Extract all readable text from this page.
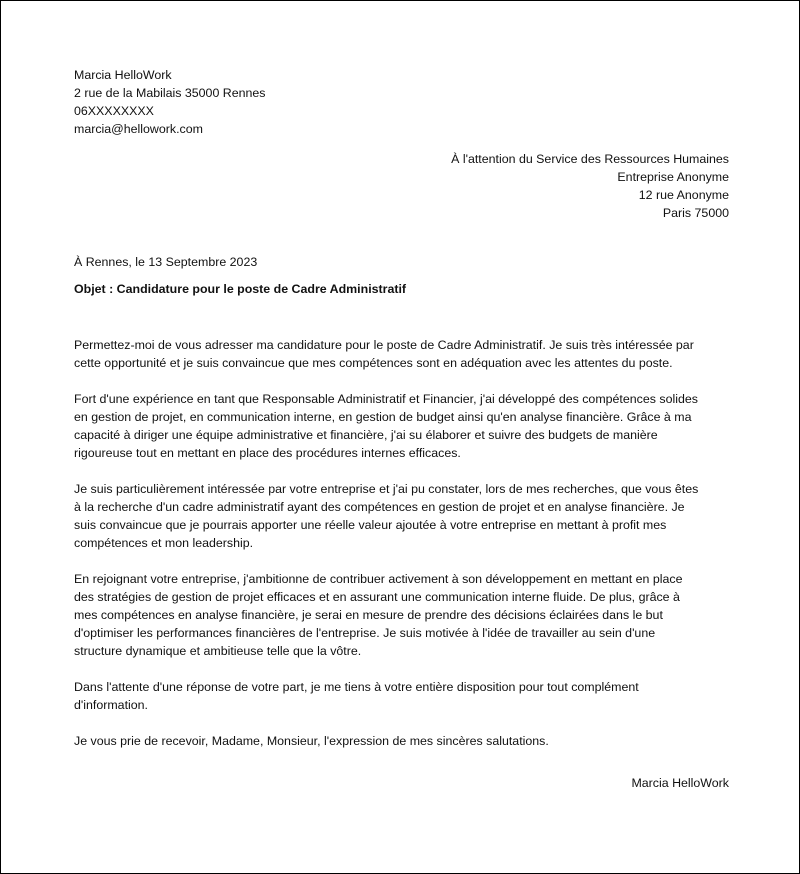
Marcia HelloWork
2 rue de la Mabilais 35000 Rennes
06XXXXXXXX
marcia@hellowork.com
À l'attention du Service des Ressources Humaines
Entreprise Anonyme
12 rue Anonyme
Paris 75000
À Rennes, le 13 Septembre 2023
Objet : Candidature pour le poste de Cadre Administratif

Permettez-moi de vous adresser ma candidature pour le poste de Cadre Administratif. Je suis très intéressée par
cette opportunité et je suis convaincue que mes compétences sont en adéquation avec les attentes du poste.

Fort d'une expérience en tant que Responsable Administratif et Financier, j'ai développé des compétences solides
en gestion de projet, en communication interne, en gestion de budget ainsi qu'en analyse financière. Grâce à ma
capacité à diriger une équipe administrative et financière, j'ai su élaborer et suivre des budgets de manière
rigoureuse tout en mettant en place des procédures internes efficaces.

Je suis particulièrement intéressée par votre entreprise et j'ai pu constater, lors de mes recherches, que vous êtes
à la recherche d'un cadre administratif ayant des compétences en gestion de projet et en analyse financière. Je
suis convaincue que je pourrais apporter une réelle valeur ajoutée à votre entreprise en mettant à profit mes
compétences et mon leadership.

En rejoignant votre entreprise, j'ambitionne de contribuer activement à son développement en mettant en place
des stratégies de gestion de projet efficaces et en assurant une communication interne fluide. De plus, grâce à
mes compétences en analyse financière, je serai en mesure de prendre des décisions éclairées dans le but
d'optimiser les performances financières de l'entreprise. Je suis motivée à l'idée de travailler au sein d'une
structure dynamique et ambitieuse telle que la vôtre.

Dans l'attente d'une réponse de votre part, je me tiens à votre entière disposition pour tout complément
d'information.

Je vous prie de recevoir, Madame, Monsieur, l'expression de mes sincères salutations.

Marcia HelloWork
